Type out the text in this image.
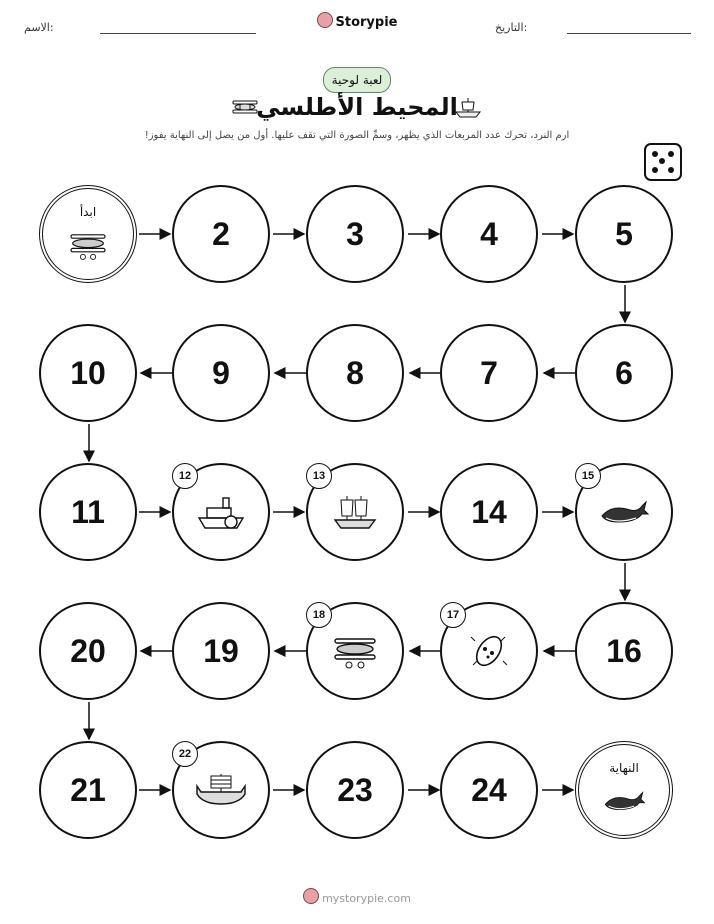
الاسم:	Storypie	التاريخ:
لعبة لوحية
المحيط الأطلسي
ارم النرد، تحرك عدد المربعات الذي يظهر، وسمِّ الصورة التي تقف عليها. أول من يصل إلى النهاية يفوز!
ابدأ
2	3	4	5
10	9	8	7	6
11
12	13
14
15
20	19
18	17
16
21
22
23	24
النهاية
mystorypie.com
